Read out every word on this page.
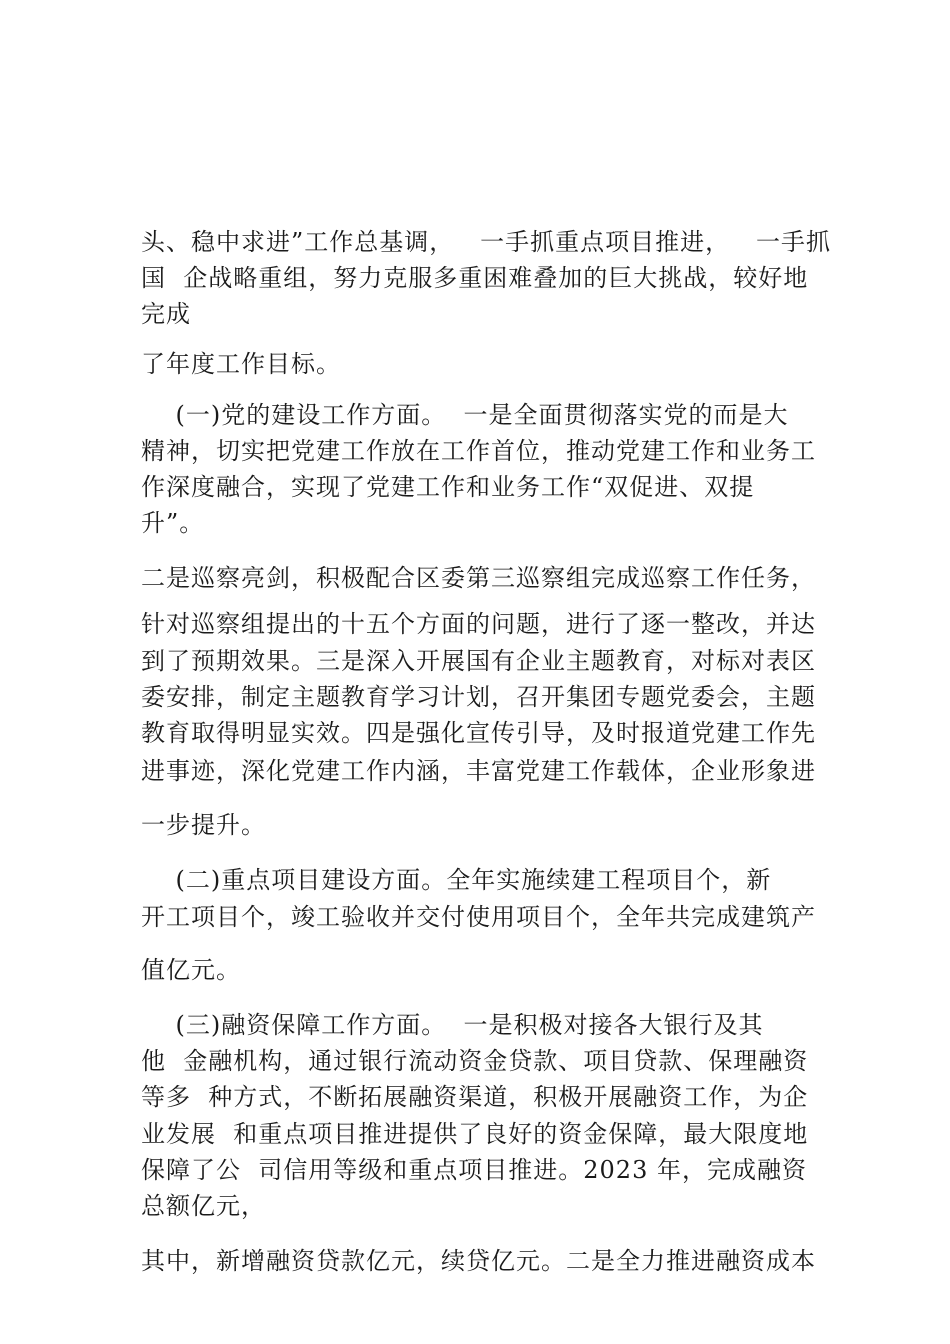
头、稳中求进”工作总基调，   一手抓重点项目推进，   一手抓
国  企战略重组，努力克服多重困难叠加的巨大挑战，较好地
完成
了年度工作目标。
(一)党的建设工作方面。  一是全面贯彻落实党的而是大
精神，切实把党建工作放在工作首位，推动党建工作和业务工
作深度融合，实现了党建工作和业务工作“双促进、双提
升”。
二是巡察亮剑，积极配合区委第三巡察组完成巡察工作任务，
针对巡察组提出的十五个方面的问题，进行了逐一整改，并达
到了预期效果。三是深入开展国有企业主题教育，对标对表区
委安排，制定主题教育学习计划，召开集团专题党委会，主题
教育取得明显实效。四是强化宣传引导，及时报道党建工作先
进事迹，深化党建工作内涵，丰富党建工作载体，企业形象进
一步提升。
(二)重点项目建设方面。全年实施续建工程项目个，新
开工项目个，竣工验收并交付使用项目个，全年共完成建筑产
值亿元。
(三)融资保障工作方面。  一是积极对接各大银行及其
他  金融机构，通过银行流动资金贷款、项目贷款、保理融资
等多  种方式，不断拓展融资渠道，积极开展融资工作，为企
业发展  和重点项目推进提供了良好的资金保障，最大限度地
保障了公  司信用等级和重点项目推进。2023 年，完成融资
总额亿元，
其中，新增融资贷款亿元，续贷亿元。二是全力推进融资成本
